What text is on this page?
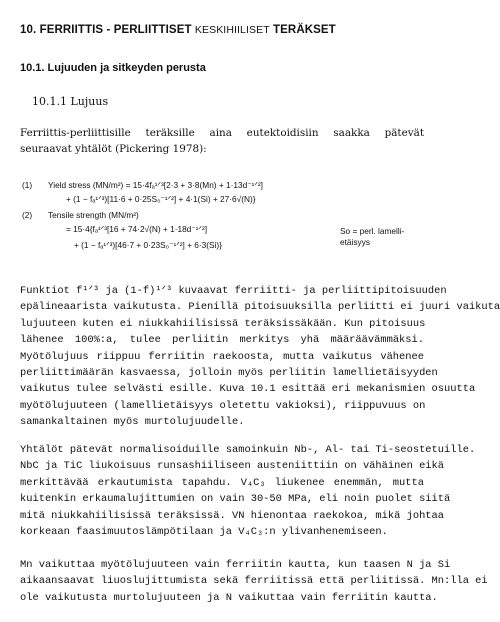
10. FERRIITTIS - PERLIITTISET KESKIHIILISET TERÄKSET
10.1. Lujuuden ja sitkeyden perusta
10.1.1 Lujuus
Ferriittis-perliittisille teräksille aina eutektoidisiin saakka pätevät
seuraavat yhtälöt (Pickering 1978):
(1) Yield stress (MN/m²) = 15·4fₐ¹ᐟ³[2·3 + 3·8(Mn) + 1·13d⁻¹ᐟ²]
+ (1 − fₐ¹ᐟ³)[11·6 + 0·25S₀⁻¹ᐟ²] + 4·1(Si) + 27·6√(N)}
(2) Tensile strength (MN/m²)
= 15·4{fₐ¹ᐟ³[16 + 74·2√(N) + 1·18d⁻¹ᐟ²]
+ (1 − fₐ¹ᐟ³)[46·7 + 0·23S₀⁻¹ᐟ²] + 6·3(Si)}
So = perl. lamelli-
etäisyys
Funktiot f¹ᐟ³ ja (1-f)¹ᐟ³ kuvaavat ferriitti- ja perliittipitoisuuden
epälineaarista vaikutusta. Pienillä pitoisuuksilla perliitti ei juuri vaikuta
lujuuteen kuten ei niukkahiilisissä teräksissäkään. Kun pitoisuus
lähenee 100%:a, tulee perliitin merkitys yhä määräävämmäksi.
Myötölujuus riippuu ferriitin raekoosta, mutta vaikutus vähenee
perliittimäärän kasvaessa, jolloin myös perliitin lamellietäisyyden
vaikutus tulee selvästi esille. Kuva 10.1 esittää eri mekanismien osuutta
myötölujuuteen (lamellietäisyys oletettu vakioksi), riippuvuus on
samankaltainen myös murtolujuudelle.
Yhtälöt pätevät normalisoiduille samoinkuin Nb-, Al- tai Ti-seostetuille.
NbC ja TiC liukoisuus runsashiiliseen austeniittiin on vähäinen eikä
merkittävää erkautumista tapahdu. V₄C₃ liukenee enemmän, mutta
kuitenkin erkaumalujittumien on vain 30-50 MPa, eli noin puolet siitä
mitä niukkahiilisissä teräksissä. VN hienontaa raekokoa, mikä johtaa
korkeaan faasimuutoslämpötilaan ja V₄C₃:n ylivanhenemiseen.
Mn vaikuttaa myötölujuuteen vain ferriitin kautta, kun taasen N ja Si
aikaansaavat liuoslujittumista sekä ferriitissä että perliitissä. Mn:lla ei
ole vaikutusta murtolujuuteen ja N vaikuttaa vain ferriitin kautta.
